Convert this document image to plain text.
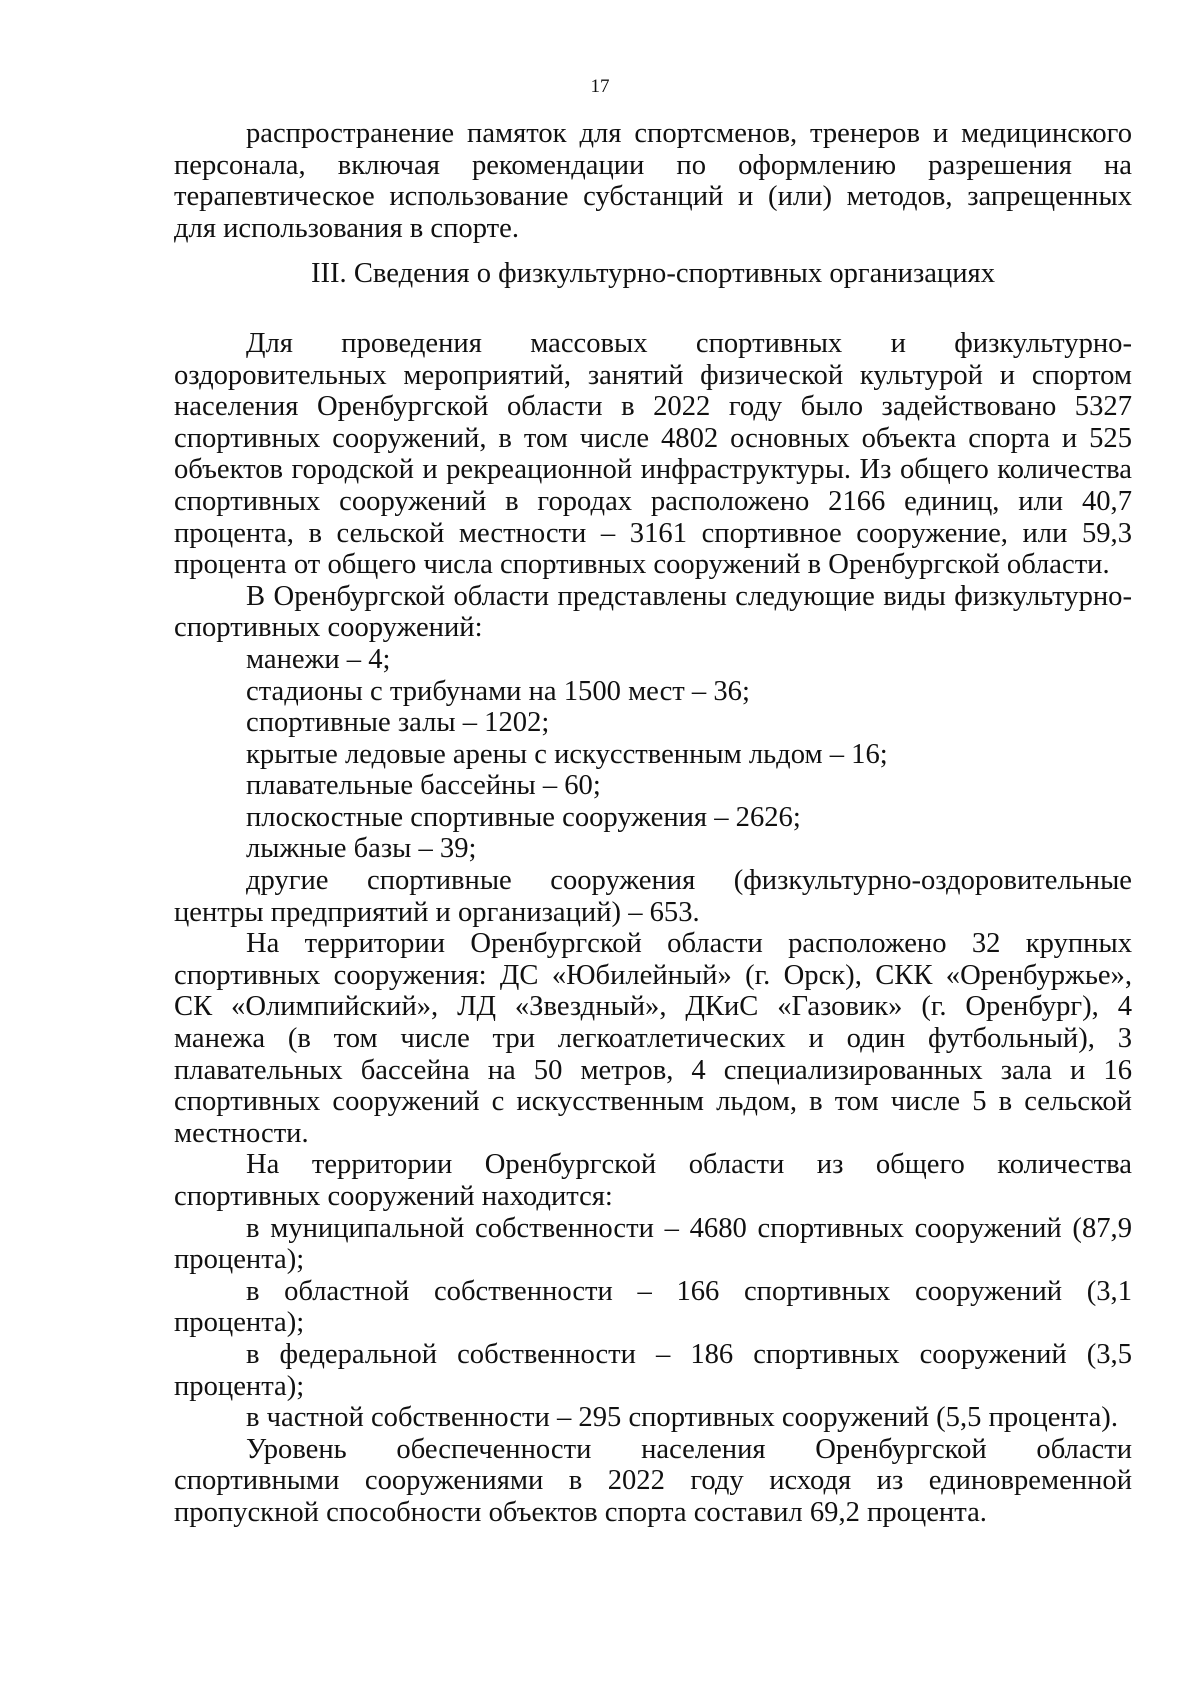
17

распространение памяток для спортсменов, тренеров и медицинского персонала, включая рекомендации по оформлению разрешения на терапевтическое использование субстанций и (или) методов, запрещенных для использования в спорте.

III. Сведения о физкультурно-спортивных организациях

Для проведения массовых спортивных и физкультурно-оздоровительных мероприятий, занятий физической культурой и спортом населения Оренбургской области в 2022 году было задействовано 5327 спортивных сооружений, в том числе 4802 основных объекта спорта и 525 объектов городской и рекреационной инфраструктуры. Из общего количества спортивных сооружений в городах расположено 2166 единиц, или 40,7 процента, в сельской местности – 3161 спортивное сооружение, или 59,3 процента от общего числа спортивных сооружений в Оренбургской области.

В Оренбургской области представлены следующие виды физкультурно-спортивных сооружений:

манежи – 4;

стадионы с трибунами на 1500 мест – 36;

спортивные залы – 1202;

крытые ледовые арены с искусственным льдом – 16;

плавательные бассейны – 60;

плоскостные спортивные сооружения – 2626;

лыжные базы – 39;

другие спортивные сооружения (физкультурно-оздоровительные центры предприятий и организаций) – 653.

На территории Оренбургской области расположено 32 крупных спортивных сооружения: ДС «Юбилейный» (г. Орск), СКК «Оренбуржье», СК «Олимпийский», ЛД «Звездный», ДКиС «Газовик» (г. Оренбург), 4 манежа (в том числе три легкоатлетических и один футбольный), 3 плавательных бассейна на 50 метров, 4 специализированных зала и 16 спортивных сооружений с искусственным льдом, в том числе 5 в сельской местности.

На территории Оренбургской области из общего количества спортивных сооружений находится:

в муниципальной собственности – 4680 спортивных сооружений (87,9 процента);

в областной собственности – 166 спортивных сооружений (3,1 процента);

в федеральной собственности – 186 спортивных сооружений (3,5 процента);

в частной собственности – 295 спортивных сооружений (5,5 процента).

Уровень обеспеченности населения Оренбургской области спортивными сооружениями в 2022 году исходя из единовременной пропускной способности объектов спорта составил 69,2 процента.
